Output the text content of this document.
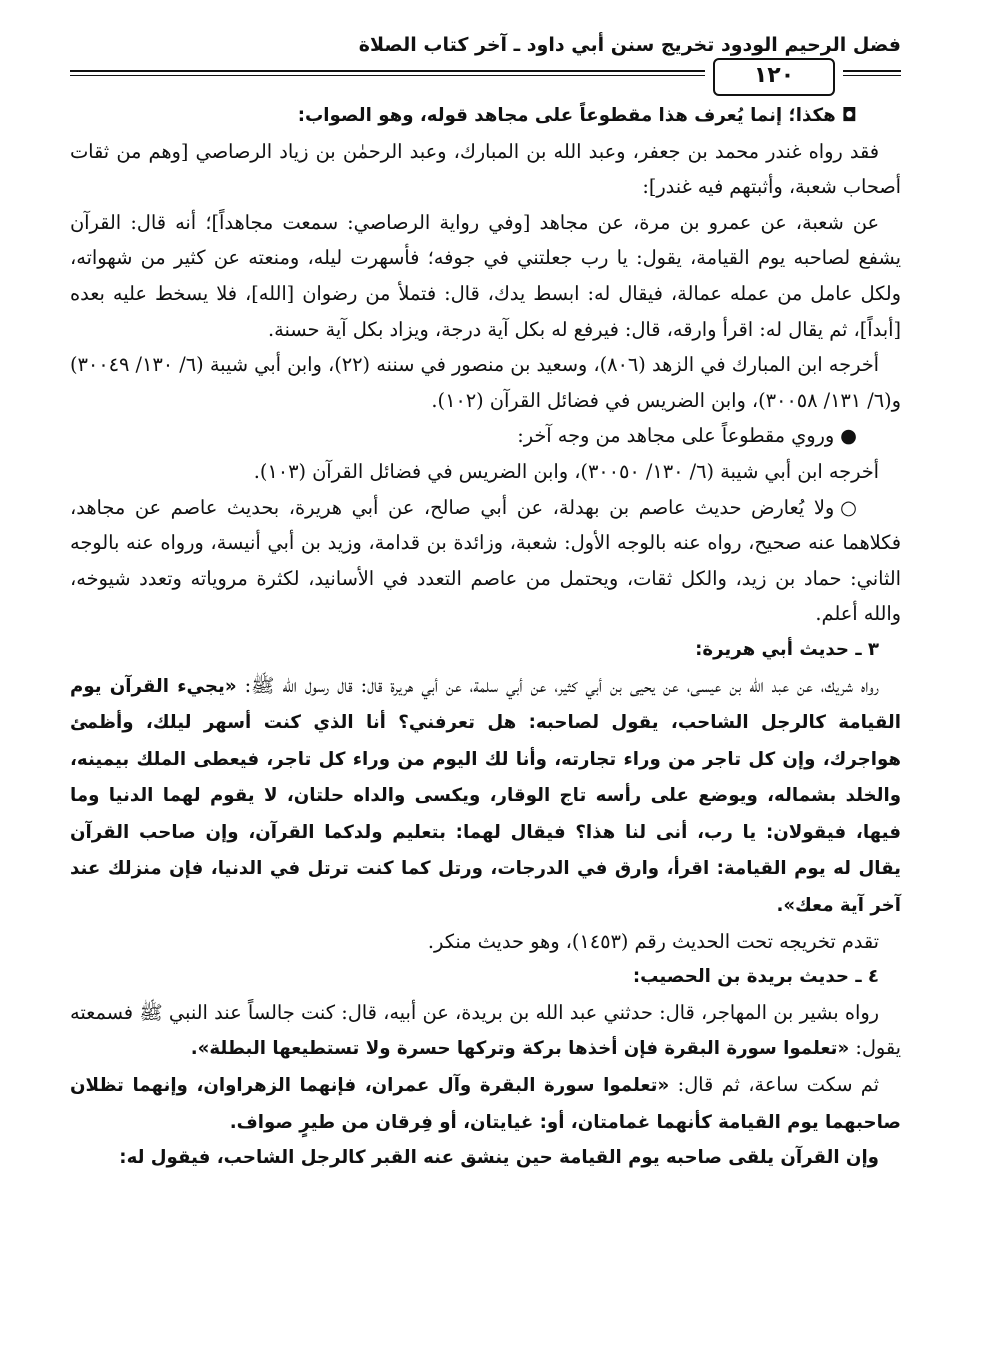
فضل الرحيم الودود تخريج سنن أبي داود ـ آخر كتاب الصلاة
١٢٠

◘هكذا؛ إنما يُعرف هذا مقطوعاً على مجاهد قوله، وهو الصواب:

فقد رواه غندر محمد بن جعفر، وعبد الله بن المبارك، وعبد الرحمٰن بن زياد الرصاصي [وهم من ثقات أصحاب شعبة، وأثبتهم فيه غندر]:

عن شعبة، عن عمرو بن مرة، عن مجاهد [وفي رواية الرصاصي: سمعت مجاهداً]؛ أنه قال: القرآن يشفع لصاحبه يوم القيامة، يقول: يا رب جعلتني في جوفه؛ فأسهرت ليله، ومنعته عن كثير من شهواته، ولكل عامل من عمله عمالة، فيقال له: ابسط يدك، قال: فتملأ من رضوان [الله]، فلا يسخط عليه بعده [أبداً]، ثم يقال له: اقرأ وارقه، قال: فيرفع له بكل آية درجة، ويزاد بكل آية حسنة.

أخرجه ابن المبارك في الزهد (٨٠٦)، وسعيد بن منصور في سننه (٢٢)، وابن أبي شيبة (٦/ ١٣٠/ ٣٠٠٤٩) و(٦/ ١٣١/ ٣٠٠٥٨)، وابن الضريس في فضائل القرآن (١٠٢).

●وروي مقطوعاً على مجاهد من وجه آخر:

أخرجه ابن أبي شيبة (٦/ ١٣٠/ ٣٠٠٥٠)، وابن الضريس في فضائل القرآن (١٠٣).

○ولا يُعارض حديث عاصم بن بهدلة، عن أبي صالح، عن أبي هريرة، بحديث عاصم عن مجاهد، فكلاهما عنه صحيح، رواه عنه بالوجه الأول: شعبة، وزائدة بن قدامة، وزيد بن أبي أنيسة، ورواه عنه بالوجه الثاني: حماد بن زيد، والكل ثقات، ويحتمل من عاصم التعدد في الأسانيد، لكثرة مروياته وتعدد شيوخه، والله أعلم.

٣ ـ حديث أبي هريرة:

رواه شريك، عن عبد الله بن عيسى، عن يحيى بن أبي كثير، عن أبي سلمة، عن أبي هريرة قال: قال رسول الله ﷺ: «يجيء القرآن يوم القيامة كالرجل الشاحب، يقول لصاحبه: هل تعرفني؟ أنا الذي كنت أسهر ليلك، وأظمئ هواجرك، وإن كل تاجر من وراء تجارته، وأنا لك اليوم من وراء كل تاجر، فيعطى الملك بيمينه، والخلد بشماله، ويوضع على رأسه تاج الوقار، ويكسى والداه حلتان، لا يقوم لهما الدنيا وما فيها، فيقولان: يا رب، أنى لنا هذا؟ فيقال لهما: بتعليم ولدكما القرآن، وإن صاحب القرآن يقال له يوم القيامة: اقرأ، وارق في الدرجات، ورتل كما كنت ترتل في الدنيا، فإن منزلك عند آخر آية معك».

تقدم تخريجه تحت الحديث رقم (١٤٥٣)، وهو حديث منكر.

٤ ـ حديث بريدة بن الحصيب:

رواه بشير بن المهاجر، قال: حدثني عبد الله بن بريدة، عن أبيه، قال: كنت جالساً عند النبي ﷺ فسمعته يقول: «تعلموا سورة البقرة فإن أخذها بركة وتركها حسرة ولا تستطيعها البطلة».

ثم سكت ساعة، ثم قال: «تعلموا سورة البقرة وآل عمران، فإنهما الزهراوان، وإنهما تظلان صاحبهما يوم القيامة كأنهما غمامتان، أو: غيايتان، أو فِرقان من طيرٍ صواف.

وإن القرآن يلقى صاحبه يوم القيامة حين ينشق عنه القبر كالرجل الشاحب، فيقول له:
